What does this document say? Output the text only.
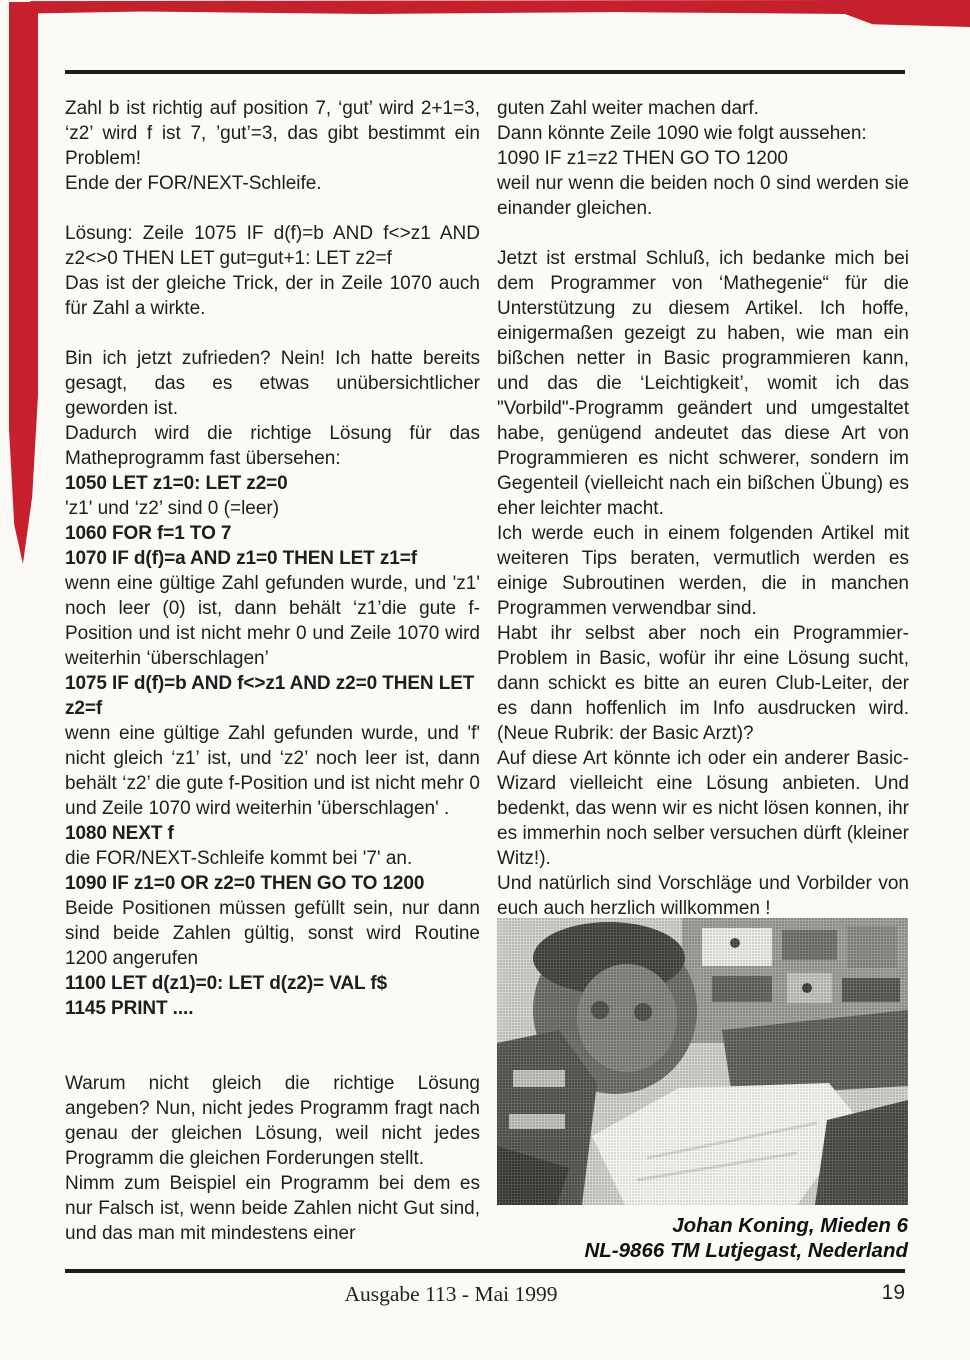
Zahl b ist richtig auf position 7, ‘gut’ wird 2+1=3, ‘z2’ wird f ist 7, ’gut’=3, das gibt bestimmt ein Problem!

Ende der FOR/NEXT-Schleife.

Lösung: Zeile 1075 IF d(f)=b AND f<>z1 AND z2<>0 THEN LET gut=gut+1: LET z2=f

Das ist der gleiche Trick, der in Zeile 1070 auch für Zahl a wirkte.

Bin ich jetzt zufrieden? Nein! Ich hatte bereits gesagt, das es etwas unübersichtlicher geworden ist.

Dadurch wird die richtige Lösung für das Matheprogramm fast übersehen:

1050 LET z1=0: LET z2=0

'z1' und ‘z2’ sind 0 (=leer)

1060 FOR f=1 TO 7

1070 IF d(f)=a AND z1=0 THEN LET z1=f

wenn eine gültige Zahl gefunden wurde, und 'z1' noch leer (0) ist, dann behält ‘z1’die gute f-Position und ist nicht mehr 0 und Zeile 1070 wird weiterhin ‘überschlagen’

1075 IF d(f)=b AND f<>z1 AND z2=0 THEN LET z2=f

wenn eine gültige Zahl gefunden wurde, und 'f' nicht gleich ‘z1’ ist, und ‘z2’ noch leer ist, dann behält ‘z2’ die gute f-Position und ist nicht mehr 0 und Zeile 1070 wird weiterhin 'überschlagen' .

1080 NEXT f

die FOR/NEXT-Schleife kommt bei '7' an.

1090 IF z1=0 OR z2=0 THEN GO TO 1200

Beide Positionen müssen gefüllt sein, nur dann sind beide Zahlen gültig, sonst wird Routine 1200 angerufen

1100 LET d(z1)=0: LET d(z2)= VAL f$

1145 PRINT ....

Warum nicht gleich die richtige Lösung angeben? Nun, nicht jedes Programm fragt nach genau der gleichen Lösung, weil nicht jedes Programm die gleichen Forderungen stellt.

Nimm zum Beispiel ein Programm bei dem es nur Falsch ist, wenn beide Zahlen nicht Gut sind, und das man mit mindestens einer

guten Zahl weiter machen darf.

Dann könnte Zeile 1090 wie folgt aussehen:

1090 IF z1=z2 THEN GO TO 1200

weil nur wenn die beiden noch 0 sind werden sie einander gleichen.

Jetzt ist erstmal Schluß, ich bedanke mich bei dem Programmer von ‘Mathegenie“ für die Unterstützung zu diesem Artikel. Ich hoffe, einigermaßen gezeigt zu haben, wie man ein bißchen netter in Basic programmieren kann, und das die ‘Leichtigkeit’, womit ich das "Vorbild"-Programm geändert und umgestaltet habe, genügend andeutet das diese Art von Programmieren es nicht schwerer, sondern im Gegenteil (vielleicht nach ein bißchen Übung) es eher leichter macht.

Ich werde euch in einem folgenden Artikel mit weiteren Tips beraten, vermutlich werden es einige Subroutinen werden, die in manchen Programmen verwendbar sind.

Habt ihr selbst aber noch ein Programmier-Problem in Basic, wofür ihr eine Lösung sucht, dann schickt es bitte an euren Club-Leiter, der es dann hoffenlich im Info ausdrucken wird. (Neue Rubrik: der Basic Arzt)?

Auf diese Art könnte ich oder ein anderer Basic-Wizard vielleicht eine Lösung anbieten. Und bedenkt, das wenn wir es nicht lösen konnen, ihr es immerhin noch selber versuchen dürft (kleiner Witz!).

Und natürlich sind Vorschläge und Vorbilder von euch auch herzlich willkommen !

Johan Koning, Mieden 6
NL-9866 TM Lutjegast, Nederland
Ausgabe 113 - Mai 1999	19
